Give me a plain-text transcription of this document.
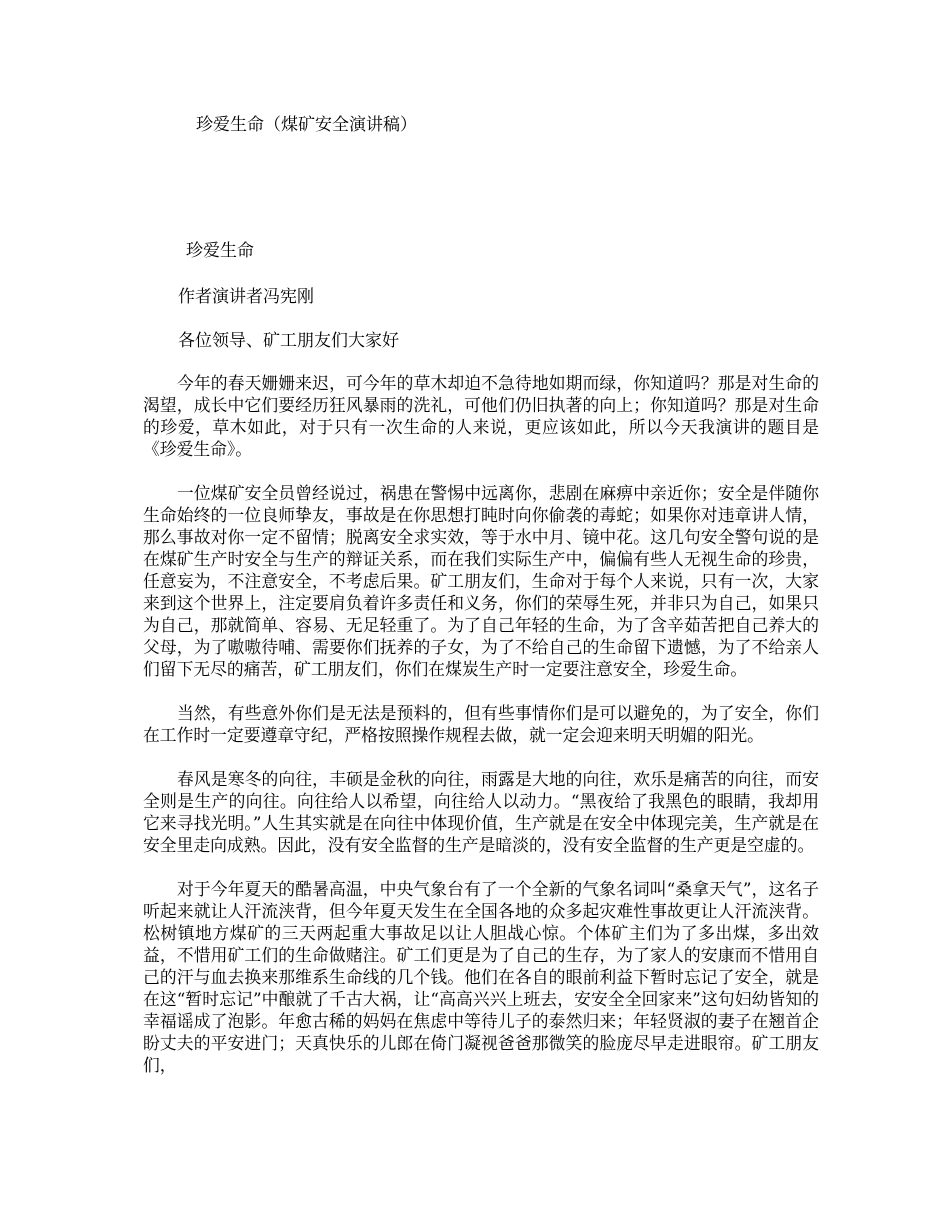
珍爱生命（煤矿安全演讲稿）
珍爱生命
作者演讲者冯宪刚
各位领导、矿工朋友们大家好

今年的春天姗姗来迟，可今年的草木却迫不急待地如期而绿，你知道吗？那是对生命的渴望，成长中它们要经历狂风暴雨的洗礼，可他们仍旧执著的向上；你知道吗？那是对生命的珍爱，草木如此，对于只有一次生命的人来说，更应该如此，所以今天我演讲的题目是《珍爱生命》。

一位煤矿安全员曾经说过，祸患在警惕中远离你，悲剧在麻痹中亲近你；安全是伴随你生命始终的一位良师挚友，事故是在你思想打盹时向你偷袭的毒蛇；如果你对违章讲人情，那么事故对你一定不留情；脱离安全求实效，等于水中月、镜中花。这几句安全警句说的是在煤矿生产时安全与生产的辩证关系，而在我们实际生产中，偏偏有些人无视生命的珍贵，任意妄为，不注意安全，不考虑后果。矿工朋友们，生命对于每个人来说，只有一次，大家来到这个世界上，注定要肩负着许多责任和义务，你们的荣辱生死，并非只为自己，如果只为自己，那就简单、容易、无足轻重了。为了自己年轻的生命，为了含辛茹苦把自己养大的父母，为了嗷嗷待哺、需要你们抚养的子女，为了不给自己的生命留下遗憾，为了不给亲人们留下无尽的痛苦，矿工朋友们，你们在煤炭生产时一定要注意安全，珍爱生命。

当然，有些意外你们是无法是预料的，但有些事情你们是可以避免的，为了安全，你们在工作时一定要遵章守纪，严格按照操作规程去做，就一定会迎来明天明媚的阳光。

春风是寒冬的向往，丰硕是金秋的向往，雨露是大地的向往，欢乐是痛苦的向往，而安全则是生产的向往。向往给人以希望，向往给人以动力。“黑夜给了我黑色的眼睛，我却用它来寻找光明。”人生其实就是在向往中体现价值，生产就是在安全中体现完美，生产就是在安全里走向成熟。因此，没有安全监督的生产是暗淡的，没有安全监督的生产更是空虚的。

对于今年夏天的酷暑高温，中央气象台有了一个全新的气象名词叫“桑拿天气”，这名子听起来就让人汗流浃背，但今年夏天发生在全国各地的众多起灾难性事故更让人汗流浃背。松树镇地方煤矿的三天两起重大事故足以让人胆战心惊。个体矿主们为了多出煤，多出效益，不惜用矿工们的生命做赌注。矿工们更是为了自己的生存，为了家人的安康而不惜用自己的汗与血去换来那维系生命线的几个钱。他们在各自的眼前利益下暂时忘记了安全，就是在这“暂时忘记”中酿就了千古大祸，让“高高兴兴上班去，安安全全回家来”这句妇幼皆知的幸福谣成了泡影。年愈古稀的妈妈在焦虑中等待儿子的泰然归来；年轻贤淑的妻子在翘首企盼丈夫的平安进门；天真快乐的儿郎在倚门凝视爸爸那微笑的脸庞尽早走进眼帘。矿工朋友们，
